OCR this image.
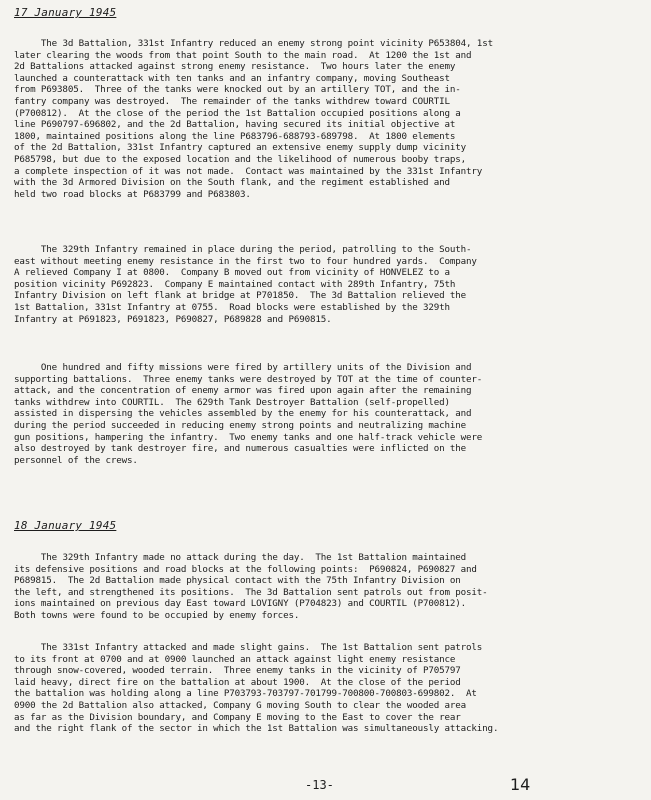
17 January 1945
The 3d Battalion, 331st Infantry reduced an enemy strong point vicinity P653804, 1st
later clearing the woods from that point South to the main road.  At 1200 the 1st and
2d Battalions attacked against strong enemy resistance.  Two hours later the enemy
launched a counterattack with ten tanks and an infantry company, moving Southeast
from P693805.  Three of the tanks were knocked out by an artillery TOT, and the in-
fantry company was destroyed.  The remainder of the tanks withdrew toward COURTIL
(P700812).  At the close of the period the 1st Battalion occupied positions along a
line P690797-696802, and the 2d Battalion, having secured its initial objective at
1800, maintained positions along the line P683796-688793-689798.  At 1800 elements
of the 2d Battalion, 331st Infantry captured an extensive enemy supply dump vicinity
P685798, but due to the exposed location and the likelihood of numerous booby traps,
a complete inspection of it was not made.  Contact was maintained by the 331st Infantry
with the 3d Armored Division on the South flank, and the regiment established and
held two road blocks at P683799 and P683803.
The 329th Infantry remained in place during the period, patrolling to the South-
east without meeting enemy resistance in the first two to four hundred yards.  Company
A relieved Company I at 0800.  Company B moved out from vicinity of HONVELEZ to a
position vicinity P692823.  Company E maintained contact with 289th Infantry, 75th
Infantry Division on left flank at bridge at P701850.  The 3d Battalion relieved the
1st Battalion, 331st Infantry at 0755.  Road blocks were established by the 329th
Infantry at P691823, P691823, P690827, P689828 and P690815.
One hundred and fifty missions were fired by artillery units of the Division and
supporting battalions.  Three enemy tanks were destroyed by TOT at the time of counter-
attack, and the concentration of enemy armor was fired upon again after the remaining
tanks withdrew into COURTIL.  The 629th Tank Destroyer Battalion (self-propelled)
assisted in dispersing the vehicles assembled by the enemy for his counterattack, and
during the period succeeded in reducing enemy strong points and neutralizing machine
gun positions, hampering the infantry.  Two enemy tanks and one half-track vehicle were
also destroyed by tank destroyer fire, and numerous casualties were inflicted on the
personnel of the crews.
18 January 1945
The 329th Infantry made no attack during the day.  The 1st Battalion maintained
its defensive positions and road blocks at the following points:  P690824, P690827 and
P689815.  The 2d Battalion made physical contact with the 75th Infantry Division on
the left, and strengthened its positions.  The 3d Battalion sent patrols out from posit-
ions maintained on previous day East toward LOVIGNY (P704823) and COURTIL (P700812).
Both towns were found to be occupied by enemy forces.
The 331st Infantry attacked and made slight gains.  The 1st Battalion sent patrols
to its front at 0700 and at 0900 launched an attack against light enemy resistance
through snow-covered, wooded terrain.  Three enemy tanks in the vicinity of P705797
laid heavy, direct fire on the battalion at about 1900.  At the close of the period
the battalion was holding along a line P703793-703797-701799-700800-700803-699802.  At
0900 the 2d Battalion also attacked, Company G moving South to clear the wooded area
as far as the Division boundary, and Company E moving to the East to cover the rear
and the right flank of the sector in which the 1st Battalion was simultaneously attacking.
-13-	14
